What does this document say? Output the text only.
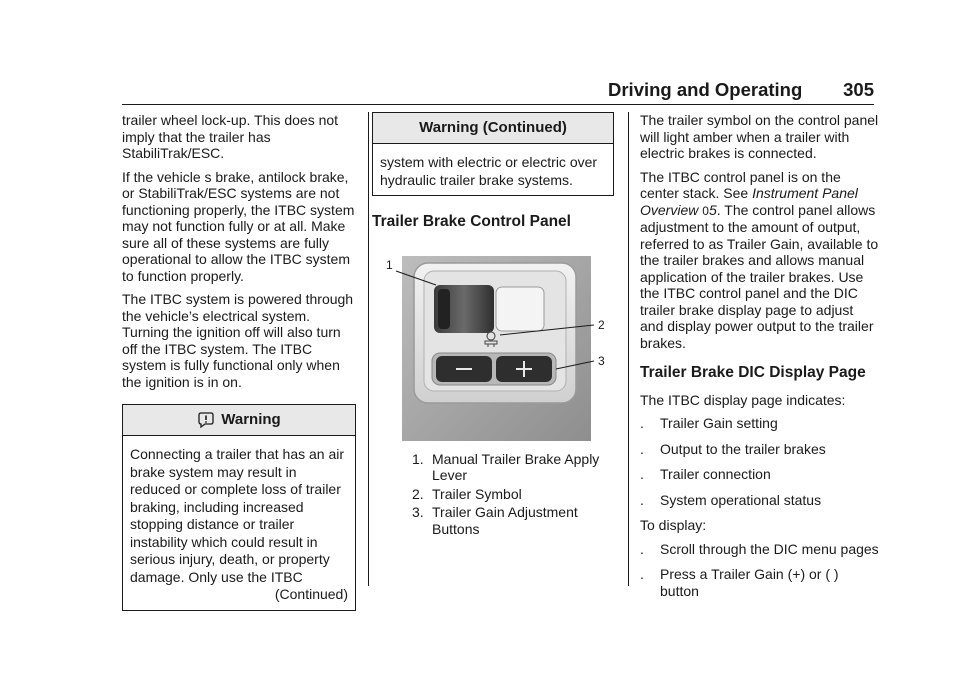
Driving and Operating 305

trailer wheel lock-up. This does not imply that the trailer has StabiliTrak/ESC.

If the vehicle s brake, antilock brake, or StabiliTrak/ESC systems are not functioning properly, the ITBC system may not function fully or at all. Make sure all of these systems are fully operational to allow the ITBC system to function properly.

The ITBC system is powered through the vehicle’s electrical system. Turning the ignition off will also turn off the ITBC system. The ITBC system is fully functional only when the ignition is in on.

Warning
Connecting a trailer that has an air brake system may result in reduced or complete loss of trailer braking, including increased stopping distance or trailer instability which could result in serious injury, death, or property damage. Only use the ITBC
(Continued)
Warning (Continued)
system with electric or electric over hydraulic trailer brake systems.
Trailer Brake Control Panel
1
2
3
1. Manual Trailer Brake Apply Lever
2. Trailer Symbol
3. Trailer Gain Adjustment Buttons

The trailer symbol on the control panel will light amber when a trailer with electric brakes is connected.

The ITBC control panel is on the center stack. See Instrument Panel Overview 05. The control panel allows adjustment to the amount of output, referred to as Trailer Gain, available to the trailer brakes and allows manual application of the trailer brakes. Use the ITBC control panel and the DIC trailer brake display page to adjust and display power output to the trailer brakes.

Trailer Brake DIC Display Page

The ITBC display page indicates:

.	Trailer Gain setting
.	Output to the trailer brakes
.	Trailer connection
.	System operational status

To display:

.	Scroll through the DIC menu pages
.	Press a Trailer Gain (+) or ( ) button
